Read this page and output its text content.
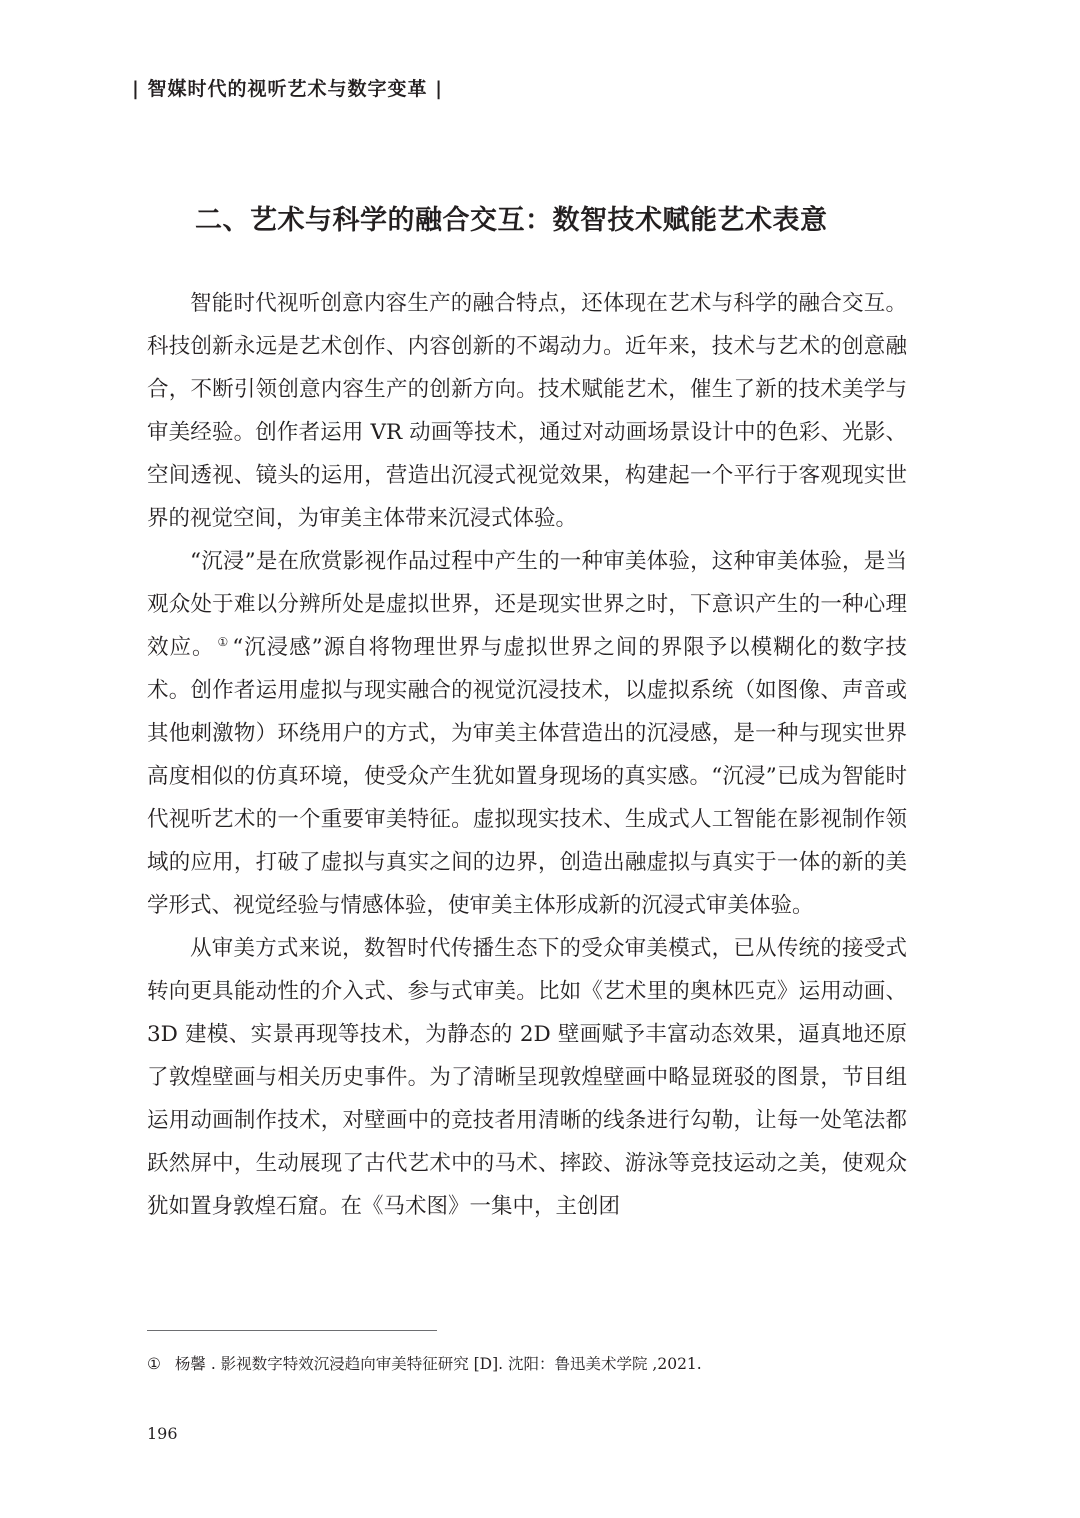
| 智媒时代的视听艺术与数字变革 |
二、艺术与科学的融合交互：数智技术赋能艺术表意

智能时代视听创意内容生产的融合特点，还体现在艺术与科学的融合交互。科技创新永远是艺术创作、内容创新的不竭动力。近年来，技术与艺术的创意融合，不断引领创意内容生产的创新方向。技术赋能艺术，催生了新的技术美学与审美经验。创作者运用 VR 动画等技术，通过对动画场景设计中的色彩、光影、空间透视、镜头的运用，营造出沉浸式视觉效果，构建起一个平行于客观现实世界的视觉空间，为审美主体带来沉浸式体验。

“沉浸”是在欣赏影视作品过程中产生的一种审美体验，这种审美体验，是当观众处于难以分辨所处是虚拟世界，还是现实世界之时，下意识产生的一种心理效应。 ① “沉浸感”源自将物理世界与虚拟世界之间的界限予以模糊化的数字技术。创作者运用虚拟与现实融合的视觉沉浸技术，以虚拟系统（如图像、声音或其他刺激物）环绕用户的方式，为审美主体营造出的沉浸感，是一种与现实世界高度相似的仿真环境，使受众产生犹如置身现场的真实感。“沉浸”已成为智能时代视听艺术的一个重要审美特征。虚拟现实技术、生成式人工智能在影视制作领域的应用，打破了虚拟与真实之间的边界，创造出融虚拟与真实于一体的新的美学形式、视觉经验与情感体验，使审美主体形成新的沉浸式审美体验。

从审美方式来说，数智时代传播生态下的受众审美模式，已从传统的接受式转向更具能动性的介入式、参与式审美。比如《艺术里的奥林匹克》运用动画、3D 建模、实景再现等技术，为静态的 2D 壁画赋予丰富动态效果，逼真地还原了敦煌壁画与相关历史事件。为了清晰呈现敦煌壁画中略显斑驳的图景，节目组运用动画制作技术，对壁画中的竞技者用清晰的线条进行勾勒，让每一处笔法都跃然屏中，生动展现了古代艺术中的马术、摔跤、游泳等竞技运动之美，使观众犹如置身敦煌石窟。在《马术图》一集中，主创团

① 杨馨 . 影视数字特效沉浸趋向审美特征研究 [D]. 沈阳：鲁迅美术学院 ,2021.
196
